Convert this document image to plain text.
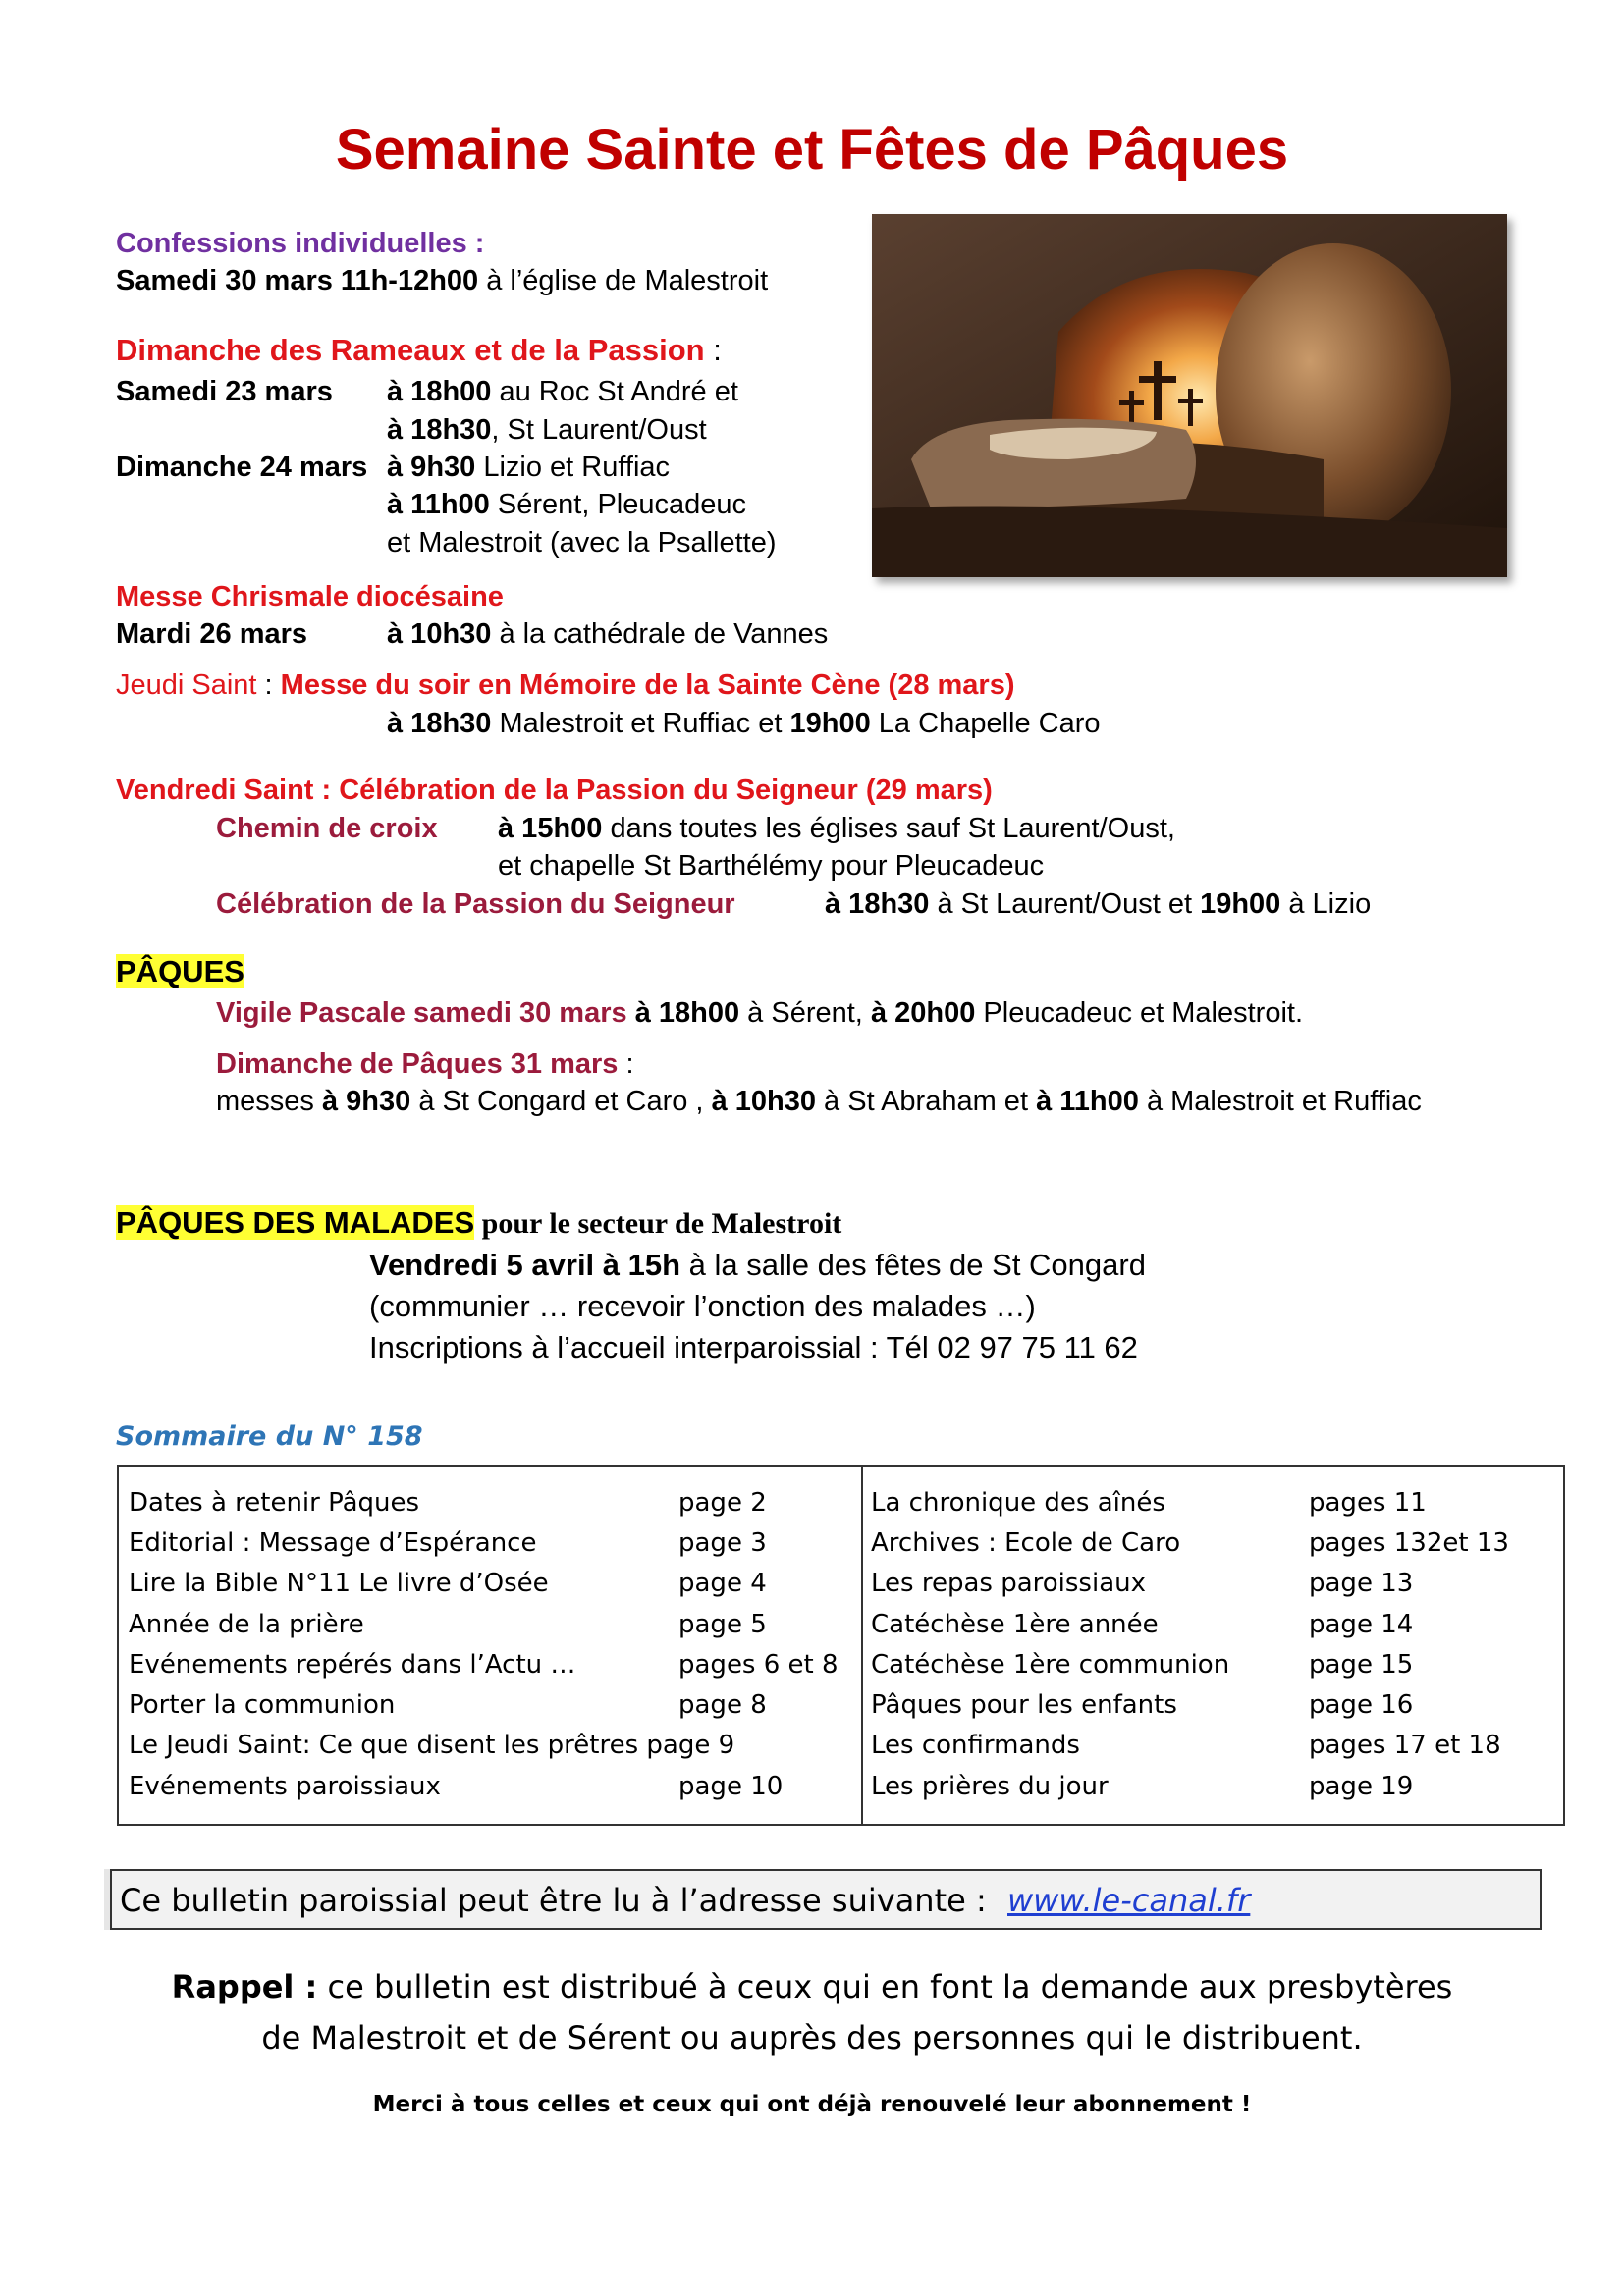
Semaine Sainte et Fêtes de Pâques
Confessions individuelles :
Samedi 30 mars 11h-12h00 à l’église de Malestroit
Dimanche des Rameaux et de la Passion :
Samedi 23 mars à 18h00 au Roc St André et
à 18h30, St Laurent/Oust
Dimanche 24 mars à 9h30 Lizio et Ruffiac
à 11h00 Sérent, Pleucadeuc
et Malestroit (avec la Psallette)
Messe Chrismale diocésaine
Mardi 26 mars	à 10h30 à la cathédrale de Vannes
Jeudi Saint : Messe du soir en Mémoire de la Sainte Cène (28 mars)
à 18h30 Malestroit et Ruffiac et 19h00 La Chapelle Caro
Vendredi Saint : Célébration de la Passion du Seigneur (29 mars)
Chemin de croix à 15h00 dans toutes les églises sauf St Laurent/Oust,
et chapelle St Barthélémy pour Pleucadeuc
Célébration de la Passion du Seigneur	à 18h30 à St Laurent/Oust et 19h00 à Lizio
PÂQUES
Vigile Pascale samedi 30 mars à 18h00 à Sérent, à 20h00 Pleucadeuc et Malestroit.
Dimanche de Pâques 31 mars :
messes à 9h30 à St Congard et Caro , à 10h30 à St Abraham et à 11h00 à Malestroit et Ruffiac
PÂQUES DES MALADES pour le secteur de Malestroit
Vendredi 5 avril à 15h à la salle des fêtes de St Congard
(communier … recevoir l’onction des malades …)
Inscriptions à l’accueil interparoissial : Tél 02 97 75 11 62
Sommaire du N° 158
Dates à retenir Pâques	page 2
Editorial : Message d’Espérance	page 3
Lire la Bible N°11 Le livre d’Osée	page 4
Année de la prière	page 5
Evénements repérés dans l’Actu …	pages 6 et 8
Porter la communion	page 8
Le Jeudi Saint: Ce que disent les prêtres page 9
Evénements paroissiaux	page 10
La chronique des aînés	pages 11
Archives : Ecole de Caro	pages 132et 13
Les repas paroissiaux	page 13
Catéchèse 1ère année	page 14
Catéchèse 1ère communion	page 15
Pâques pour les enfants	page 16
Les confirmands	pages 17 et 18
Les prières du jour	page 19
Ce bulletin paroissial peut être lu à l’adresse suivante : www.le-canal.fr
Rappel : ce bulletin est distribué à ceux qui en font la demande aux presbytères
de Malestroit et de Sérent ou auprès des personnes qui le distribuent.
Merci à tous celles et ceux qui ont déjà renouvelé leur abonnement !
